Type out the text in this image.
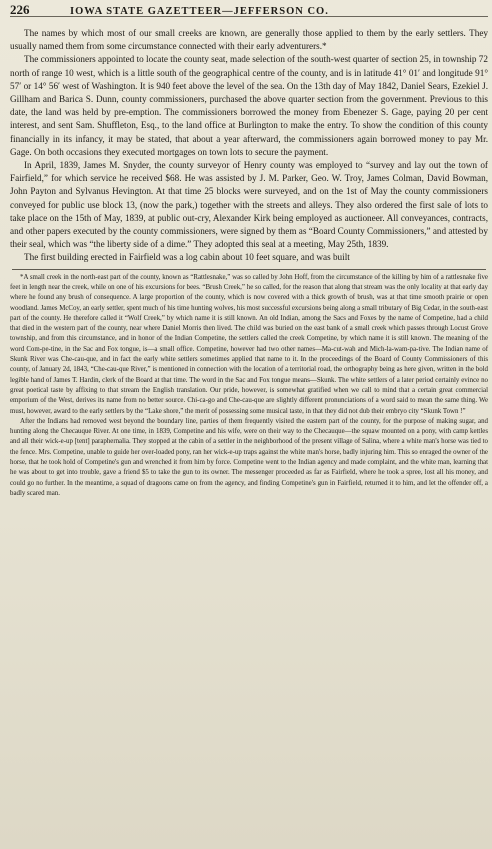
226	IOWA STATE GAZETTEER—JEFFERSON CO.

The names by which most of our small creeks are known, are generally those applied to them by the early settlers. They usually named them from some circumstance connected with their early adventurers.*

The commissioners appointed to locate the county seat, made selection of the south-west quarter of section 25, in township 72 north of range 10 west, which is a little south of the geographical centre of the county, and is in latitude 41° 01′ and longitude 91° 57′ or 14° 56′ west of Washington. It is 940 feet above the level of the sea. On the 13th day of May 1842, Daniel Sears, Ezekiel J. Gillham and Barica S. Dunn, county commissioners, purchased the above quarter section from the government. Previous to this date, the land was held by pre-emption. The commissioners borrowed the money from Ebenezer S. Gage, paying 20 per cent interest, and sent Sam. Shuffleton, Esq., to the land office at Burlington to make the entry. To show the condition of this county financially in its infancy, it may be stated, that about a year afterward, the commissioners again borrowed money to pay Mr. Gage. On both occasions they executed mortgages on town lots to secure the payment.

In April, 1839, James M. Snyder, the county surveyor of Henry county was employed to “survey and lay out the town of Fairfield,” for which service he received $68. He was assisted by J. M. Parker, Geo. W. Troy, James Colman, David Bowman, John Payton and Sylvanus Hevington. At that time 25 blocks were surveyed, and on the 1st of May the county commissioners conveyed for public use block 13, (now the park,) together with the streets and alleys. They also ordered the first sale of lots to take place on the 15th of May, 1839, at public out-cry, Alexander Kirk being employed as auctioneer. All conveyances, contracts, and other papers executed by the county commissioners, were signed by them as “Board County Commissioners,” and attested by their seal, which was “the liberty side of a dime.” They adopted this seal at a meeting, May 25th, 1839.

The first building erected in Fairfield was a log cabin about 10 feet square, and was built

*A small creek in the north-east part of the county, known as “Rattlesnake,” was so called by John Hoff, from the circumstance of the killing by him of a rattlesnake five feet in length near the creek, while on one of his excursions for bees. “Brush Creek,” he so called, for the reason that along that stream was the only locality at that early day where he found any brush of consequence. A large proportion of the county, which is now covered with a thick growth of brush, was at that time smooth prairie or open woodland. James McCoy, an early settler, spent much of his time hunting wolves, his most successful excursions being along a small tributary of Big Cedar, in the south-east part of the county. He therefore called it “Wolf Creek,” by which name it is still known. An old Indian, among the Sacs and Foxes by the name of Competine, had a child that died in the western part of the county, near where Daniel Morris then lived. The child was buried on the east bank of a small creek which passes through Locust Grove township, and from this circumstance, and in honor of the Indian Competine, the settlers called the creek Competine, by which name it is still known. The meaning of the word Com-pe-tine, in the Sac and Fox tongue, is—a small office. Competine, however had two other names—Ma-cut-wah and Mich-la-wam-pa-tive. The Indian name of Skunk River was Che-cau-que, and in fact the early white settlers sometimes applied that name to it. In the proceedings of the Board of County Commissioners of this county, of January 2d, 1843, “Che-cau-que River,” is mentioned in connection with the location of a territorial road, the orthography being as here given, written in the bold legible hand of James T. Hardin, clerk of the Board at that time. The word in the Sac and Fox tongue means—Skunk. The white settlers of a later period certainly evince no great poetical taste by affixing to that stream the English translation. Our pride, however, is somewhat gratified when we call to mind that a certain great commercial emporium of the West, derives its name from no better source. Chi-ca-go and Che-cau-que are slightly different pronunciations of a word said to mean the same thing. We must, however, award to the early settlers by the “Lake shore,” the merit of possessing some musical taste, in that they did not dub their embryo city “Skunk Town !”

After the Indians had removed west beyond the boundary line, parties of them frequently visited the eastern part of the county, for the purpose of making sugar, and hunting along the Checauque River. At one time, in 1839, Competine and his wife, were on their way to the Checauque—the squaw mounted on a pony, with camp kettles and all their wick-e-up [tent] paraphernalia. They stopped at the cabin of a settler in the neighborhood of the present village of Salina, where a white man's horse was tied to the fence. Mrs. Competine, unable to guide her over-loaded pony, ran her wick-e-up traps against the white man's horse, badly injuring him. This so enraged the owner of the horse, that he took hold of Competine's gun and wrenched it from him by force. Competine went to the Indian agency and made complaint, and the white man, learning that he was about to get into trouble, gave a friend $5 to take the gun to its owner. The messenger proceeded as far as Fairfield, where he took a spree, lost all his money, and could go no further. In the meantime, a squad of dragoons came on from the agency, and finding Competine's gun in Fairfield, returned it to him, and let the offender off, a badly scared man.
